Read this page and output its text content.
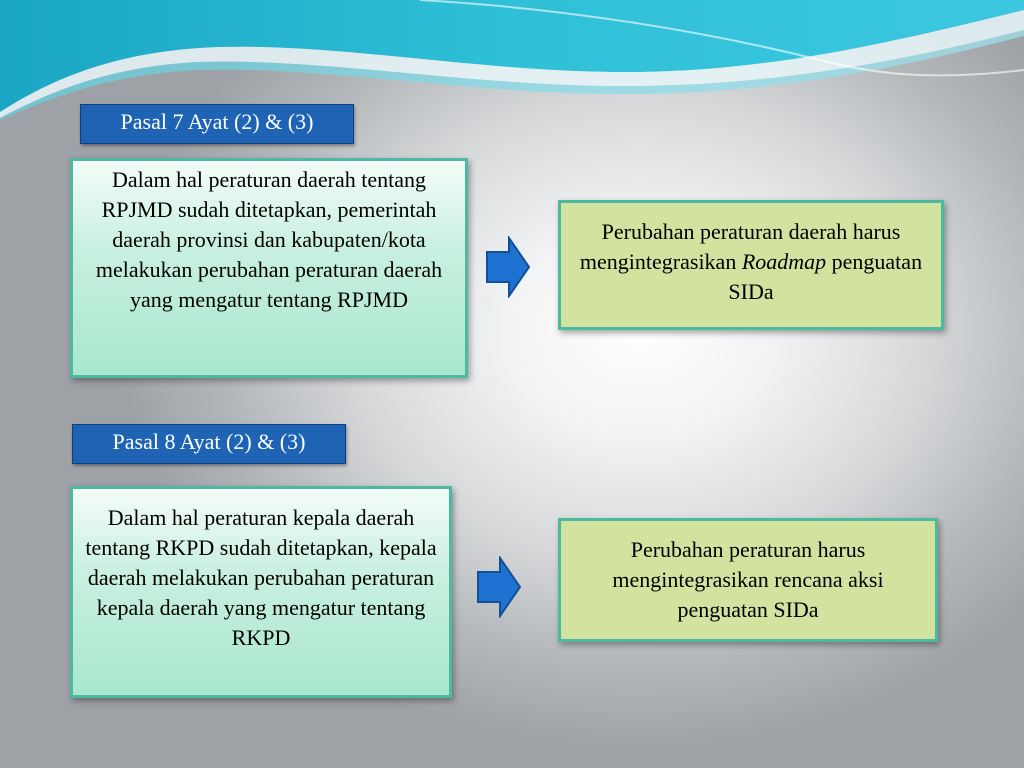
Pasal 7 Ayat (2) & (3)
Dalam hal peraturan daerah tentang RPJMD sudah ditetapkan, pemerintah daerah provinsi dan kabupaten/kota melakukan perubahan peraturan daerah yang mengatur tentang RPJMD
Perubahan peraturan daerah harus mengintegrasikan Roadmap penguatan SIDa
Pasal 8 Ayat (2) & (3)
Dalam hal peraturan kepala daerah tentang RKPD sudah ditetapkan, kepala daerah melakukan perubahan peraturan kepala daerah yang mengatur tentang RKPD
Perubahan peraturan harus mengintegrasikan rencana aksi penguatan SIDa
